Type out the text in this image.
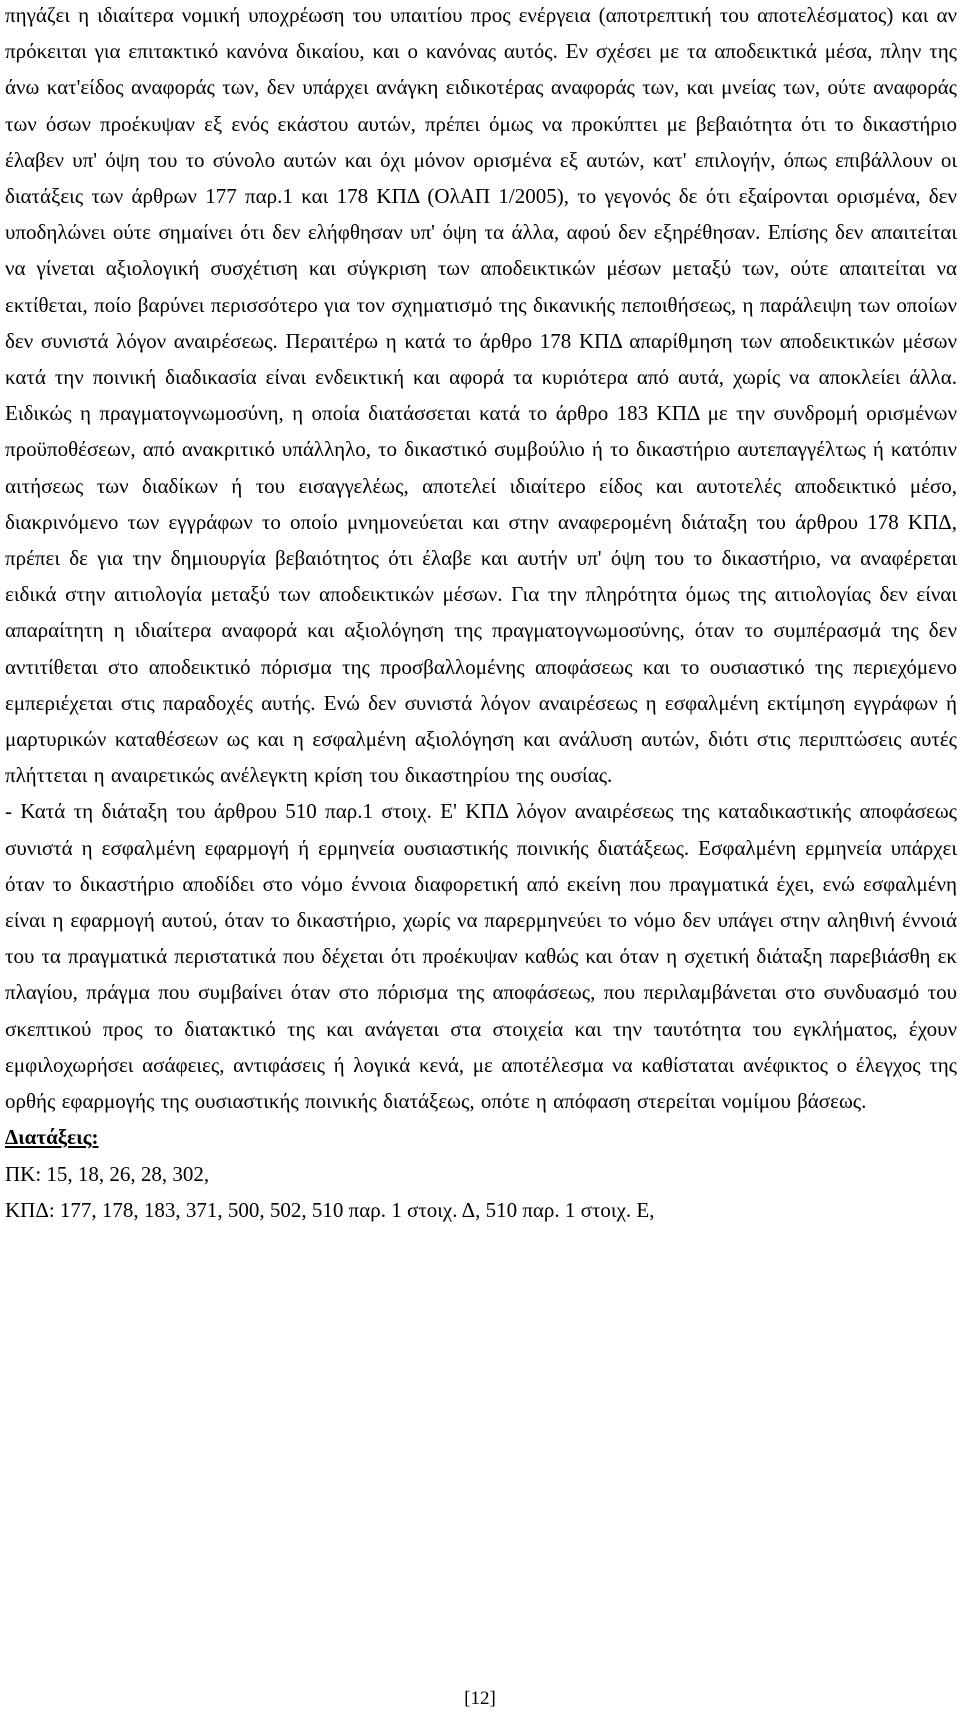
πηγάζει η ιδιαίτερα νομική υποχρέωση του υπαιτίου προς ενέργεια (αποτρεπτική του αποτελέσματος) και αν πρόκειται για επιτακτικό κανόνα δικαίου, και ο κανόνας αυτός. Εν σχέσει με τα αποδεικτικά μέσα, πλην της άνω κατ'είδος αναφοράς των, δεν υπάρχει ανάγκη ειδικοτέρας αναφοράς των, και μνείας των, ούτε αναφοράς των όσων προέκυψαν εξ ενός εκάστου αυτών, πρέπει όμως να προκύπτει με βεβαιότητα ότι το δικαστήριο έλαβεν υπ' όψη του το σύνολο αυτών και όχι μόνον ορισμένα εξ αυτών, κατ' επιλογήν, όπως επιβάλλουν οι διατάξεις των άρθρων 177 παρ.1 και 178 ΚΠΔ (ΟλΑΠ 1/2005), το γεγονός δε ότι εξαίρονται ορισμένα, δεν υποδηλώνει ούτε σημαίνει ότι δεν ελήφθησαν υπ' όψη τα άλλα, αφού δεν εξηρέθησαν. Επίσης δεν απαιτείται να γίνεται αξιολογική συσχέτιση και σύγκριση των αποδεικτικών μέσων μεταξύ των, ούτε απαιτείται να εκτίθεται, ποίο βαρύνει περισσότερο για τον σχηματισμό της δικανικής πεποιθήσεως, η παράλειψη των οποίων δεν συνιστά λόγον αναιρέσεως. Περαιτέρω η κατά το άρθρο 178 ΚΠΔ απαρίθμηση των αποδεικτικών μέσων κατά την ποινική διαδικασία είναι ενδεικτική και αφορά τα κυριότερα από αυτά, χωρίς να αποκλείει άλλα. Ειδικώς η πραγματογνωμοσύνη, η οποία διατάσσεται κατά το άρθρο 183 ΚΠΔ με την συνδρομή ορισμένων προϋποθέσεων, από ανακριτικό υπάλληλο, το δικαστικό συμβούλιο ή το δικαστήριο αυτεπαγγέλτως ή κατόπιν αιτήσεως των διαδίκων ή του εισαγγελέως, αποτελεί ιδιαίτερο είδος και αυτοτελές αποδεικτικό μέσο, διακρινόμενο των εγγράφων το οποίο μνημονεύεται και στην αναφερομένη διάταξη του άρθρου 178 ΚΠΔ, πρέπει δε για την δημιουργία βεβαιότητος ότι έλαβε και αυτήν υπ' όψη του το δικαστήριο, να αναφέρεται ειδικά στην αιτιολογία μεταξύ των αποδεικτικών μέσων. Για την πληρότητα όμως της αιτιολογίας δεν είναι απαραίτητη η ιδιαίτερα αναφορά και αξιολόγηση της πραγματογνωμοσύνης, όταν το συμπέρασμά της δεν αντιτίθεται στο αποδεικτικό πόρισμα της προσβαλλομένης αποφάσεως και το ουσιαστικό της περιεχόμενο εμπεριέχεται στις παραδοχές αυτής. Ενώ δεν συνιστά λόγον αναιρέσεως η εσφαλμένη εκτίμηση εγγράφων ή μαρτυρικών καταθέσεων ως και η εσφαλμένη αξιολόγηση και ανάλυση αυτών, διότι στις περιπτώσεις αυτές πλήττεται η αναιρετικώς ανέλεγκτη κρίση του δικαστηρίου της ουσίας.

- Κατά τη διάταξη του άρθρου 510 παρ.1 στοιχ. Ε' ΚΠΔ λόγον αναιρέσεως της καταδικαστικής αποφάσεως συνιστά η εσφαλμένη εφαρμογή ή ερμηνεία ουσιαστικής ποινικής διατάξεως. Εσφαλμένη ερμηνεία υπάρχει όταν το δικαστήριο αποδίδει στο νόμο έννοια διαφορετική από εκείνη που πραγματικά έχει, ενώ εσφαλμένη είναι η εφαρμογή αυτού, όταν το δικαστήριο, χωρίς να παρερμηνεύει το νόμο δεν υπάγει στην αληθινή έννοιά του τα πραγματικά περιστατικά που δέχεται ότι προέκυψαν καθώς και όταν η σχετική διάταξη παρεβιάσθη εκ πλαγίου, πράγμα που συμβαίνει όταν στο πόρισμα της αποφάσεως, που περιλαμβάνεται στο συνδυασμό του σκεπτικού προς το διατακτικό της και ανάγεται στα στοιχεία και την ταυτότητα του εγκλήματος, έχουν εμφιλοχωρήσει ασάφειες, αντιφάσεις ή λογικά κενά, με αποτέλεσμα να καθίσταται ανέφικτος ο έλεγχος της ορθής εφαρμογής της ουσιαστικής ποινικής διατάξεως, οπότε η απόφαση στερείται νομίμου βάσεως.

Διατάξεις:

ΠΚ: 15, 18, 26, 28, 302,

ΚΠΔ: 177, 178, 183, 371, 500, 502, 510 παρ. 1 στοιχ. Δ, 510 παρ. 1 στοιχ. Ε,

[12]
